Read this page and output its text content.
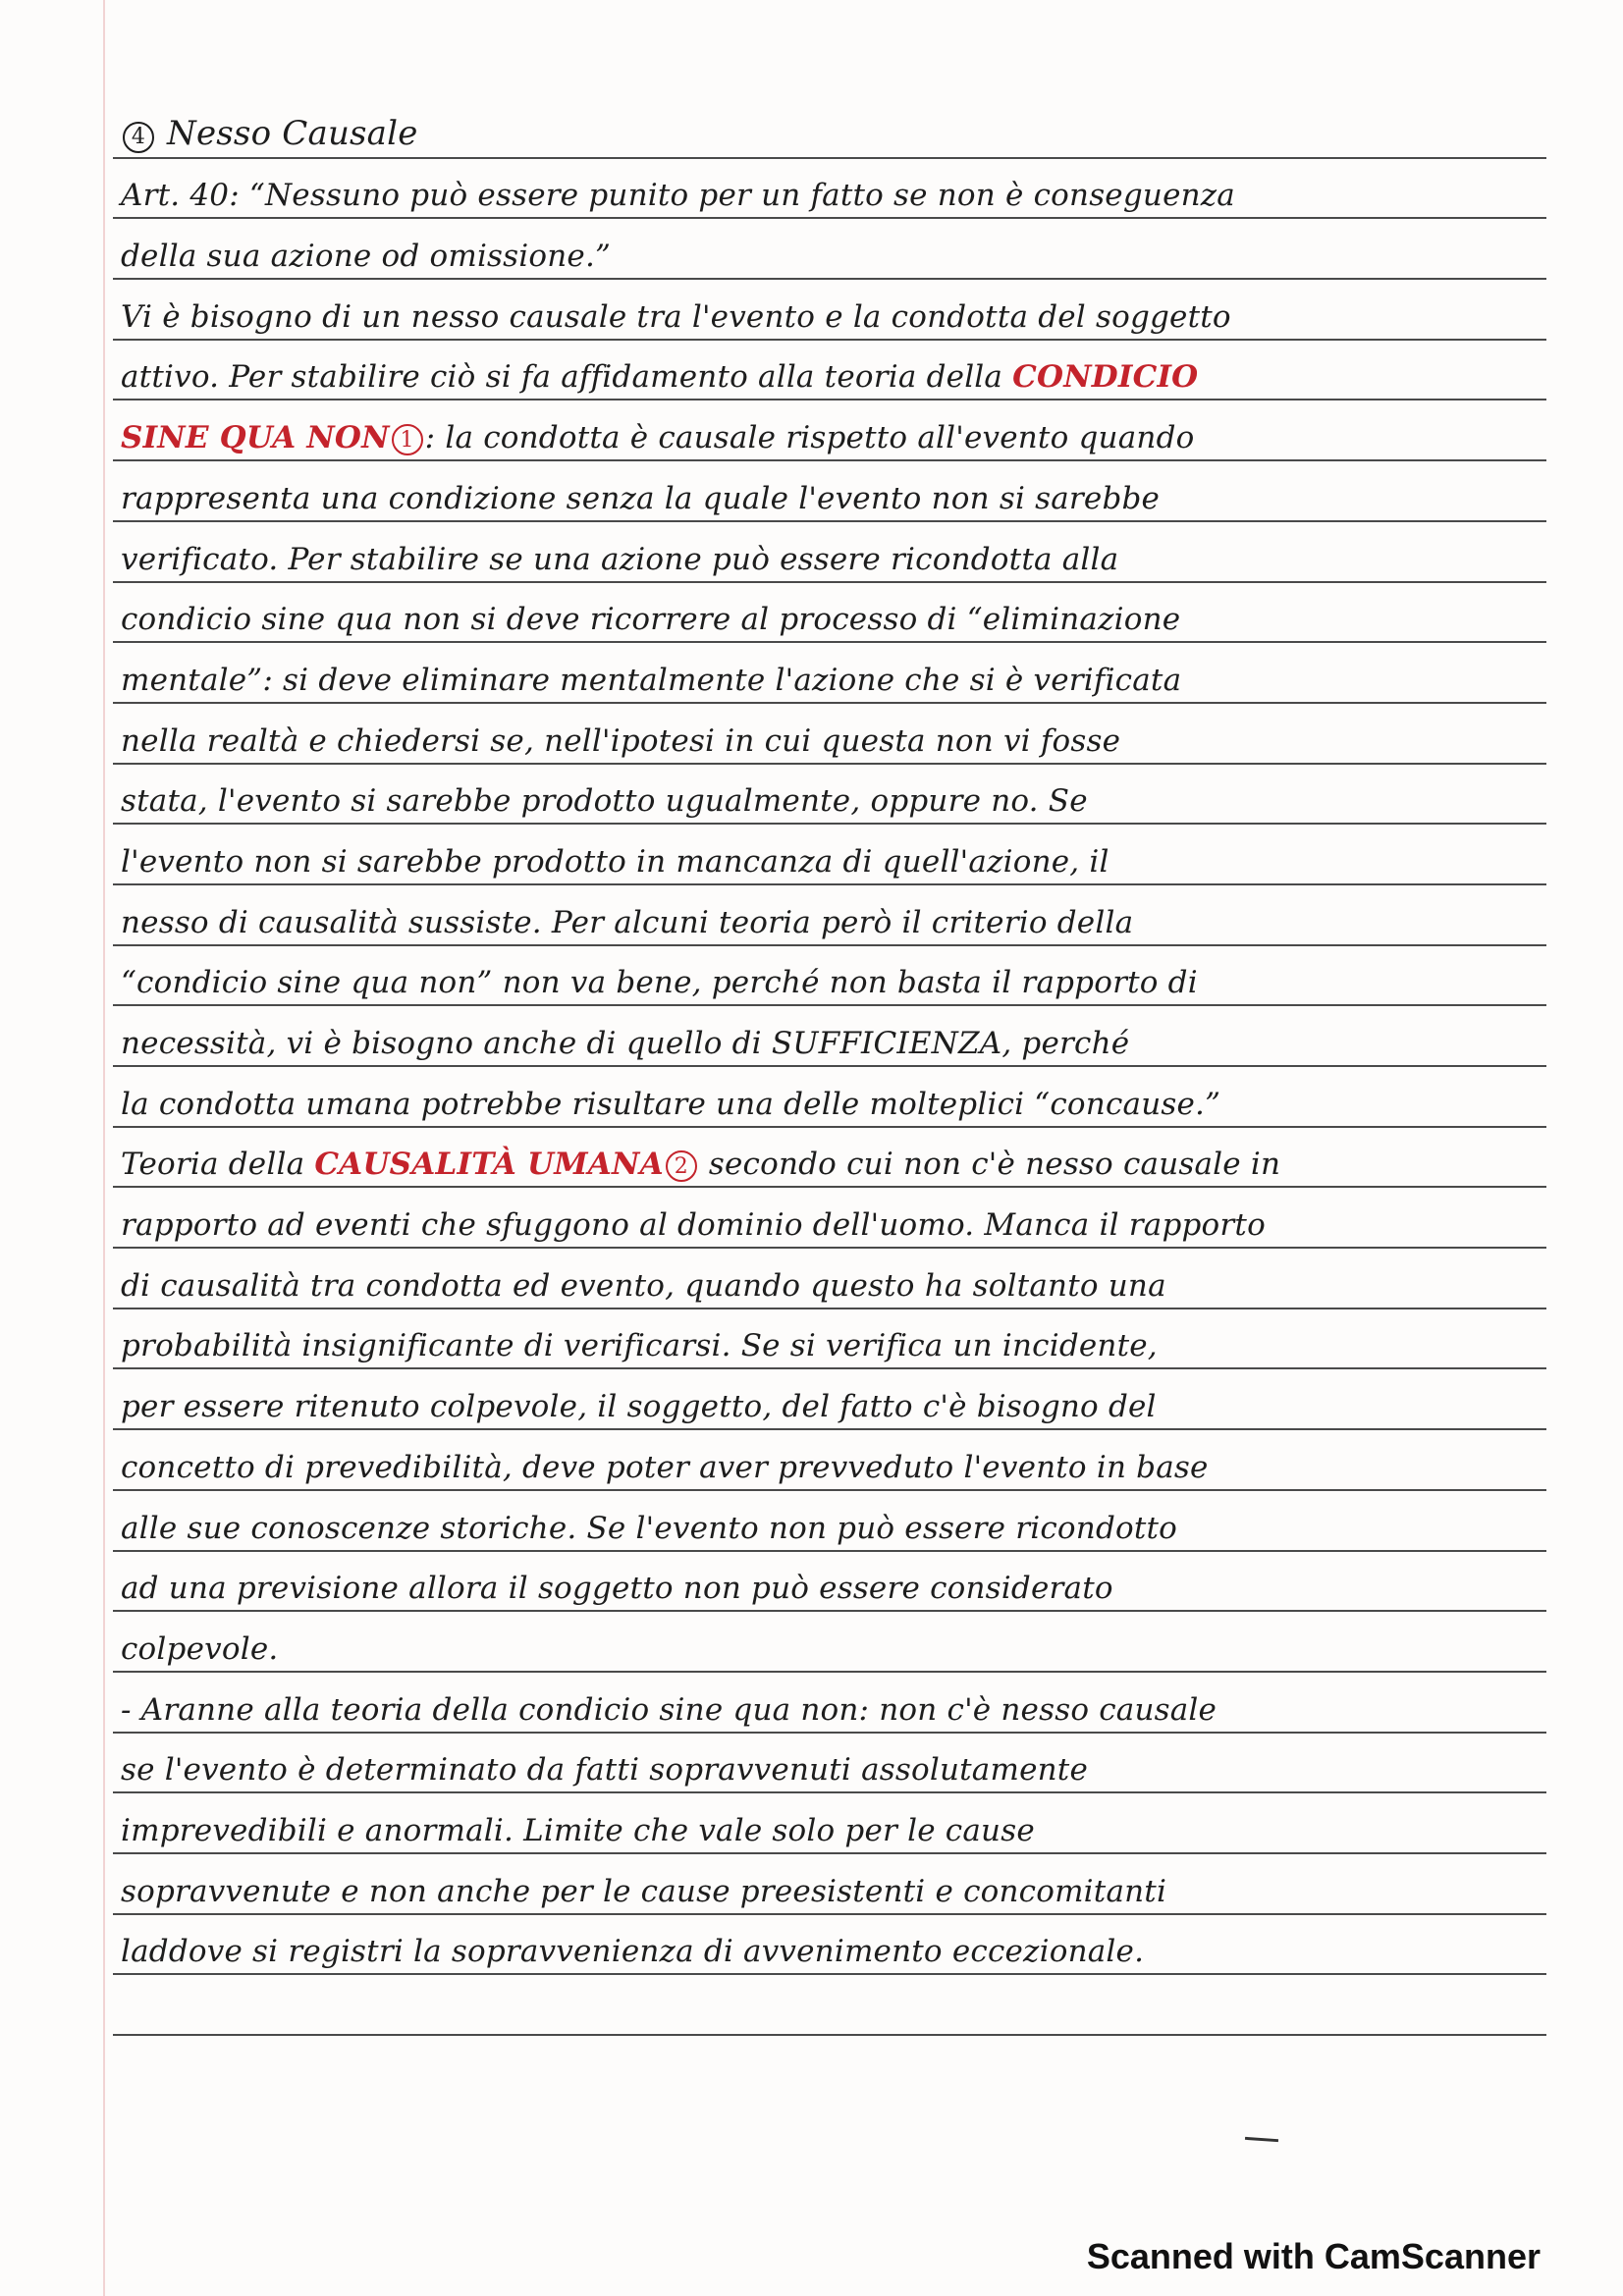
4 Nesso Causale
Art. 40: “Nessuno può essere punito per un fatto se non è conseguenza
della sua azione od omissione.”
Vi è bisogno di un nesso causale tra l'evento e la condotta del soggetto
attivo. Per stabilire ciò si fa affidamento alla teoria della CONDICIO
SINE QUA NON 1 : la condotta è causale rispetto all'evento quando
rappresenta una condizione senza la quale l'evento non si sarebbe
verificato. Per stabilire se una azione può essere ricondotta alla
condicio sine qua non si deve ricorrere al processo di “eliminazione
mentale”: si deve eliminare mentalmente l'azione che si è verificata
nella realtà e chiedersi se, nell'ipotesi in cui questa non vi fosse
stata, l'evento si sarebbe prodotto ugualmente, oppure no. Se
l'evento non si sarebbe prodotto in mancanza di quell'azione, il
nesso di causalità sussiste. Per alcuni teoria però il criterio della
“condicio sine qua non” non va bene, perché non basta il rapporto di
necessità, vi è bisogno anche di quello di SUFFICIENZA , perché
la condotta umana potrebbe risultare una delle molteplici “concause.”
Teoria della CAUSALITÀ UMANA 2 secondo cui non c'è nesso causale in
rapporto ad eventi che sfuggono al dominio dell'uomo. Manca il rapporto
di causalità tra condotta ed evento, quando questo ha soltanto una
probabilità insignificante di verificarsi. Se si verifica un incidente,
per essere ritenuto colpevole, il soggetto, del fatto c'è bisogno del
concetto di prevedibilità, deve poter aver prevveduto l'evento in base
alle sue conoscenze storiche. Se l'evento non può essere ricondotto
ad una previsione allora il soggetto non può essere considerato
colpevole.
- Aranne alla teoria della condicio sine qua non: non c'è nesso causale
se l'evento è determinato da fatti sopravvenuti assolutamente
imprevedibili e anormali. Limite che vale solo per le cause
sopravvenute e non anche per le cause preesistenti e concomitanti
laddove si registri la sopravvenienza di avvenimento eccezionale.
Scanned with CamScanner
